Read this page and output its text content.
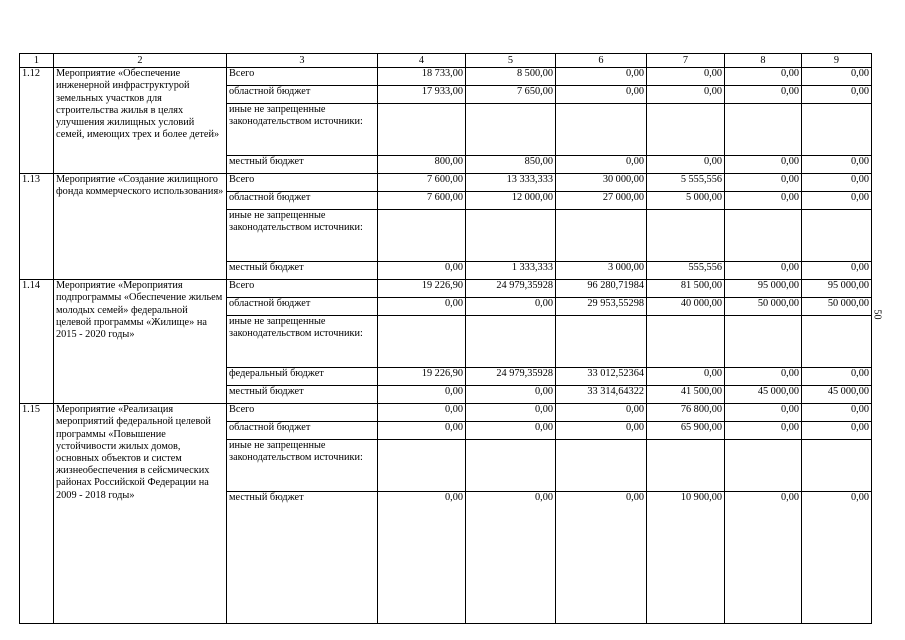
1	2	3	4	5	6	7	8	9
1.12	Мероприятие «Обеспечение инженерной инфраструктурой земельных участков для строительства жилья в целях улучшения жилищных условий семей, имеющих трех и более детей»	Всего	18 733,00	8 500,00	0,00	0,00	0,00	0,00
		областной бюджет	17 933,00	7 650,00	0,00	0,00	0,00	0,00
		иные не запрещенные законодательством источники:						
		местный бюджет	800,00	850,00	0,00	0,00	0,00	0,00
1.13	Мероприятие «Создание жилищного фонда коммерческого использования»	Всего	7 600,00	13 333,333	30 000,00	5 555,556	0,00	0,00
		областной бюджет	7 600,00	12 000,00	27 000,00	5 000,00	0,00	0,00
		иные не запрещенные законодательством источники:						
		местный бюджет	0,00	1 333,333	3 000,00	555,556	0,00	0,00
1.14	Мероприятие «Мероприятия подпрограммы «Обеспечение жильем молодых семей» федеральной целевой программы «Жилище» на 2015 - 2020 годы»	Всего	19 226,90	24 979,35928	96 280,71984	81 500,00	95 000,00	95 000,00
		областной бюджет	0,00	0,00	29 953,55298	40 000,00	50 000,00	50 000,00
		иные не запрещенные законодательством источники:						
		федеральный бюджет	19 226,90	24 979,35928	33 012,52364	0,00	0,00	0,00
		местный бюджет	0,00	0,00	33 314,64322	41 500,00	45 000,00	45 000,00
1.15	Мероприятие «Реализация мероприятий федеральной целевой программы «Повышение устойчивости жилых домов, основных объектов и систем жизнеобеспечения в сейсмических районах Российской Федерации на 2009 - 2018 годы»	Всего	0,00	0,00	0,00	76 800,00	0,00	0,00
		областной бюджет	0,00	0,00	0,00	65 900,00	0,00	0,00
		иные не запрещенные законодательством источники:						
		местный бюджет	0,00	0,00	0,00	10 900,00	0,00	0,00
50
